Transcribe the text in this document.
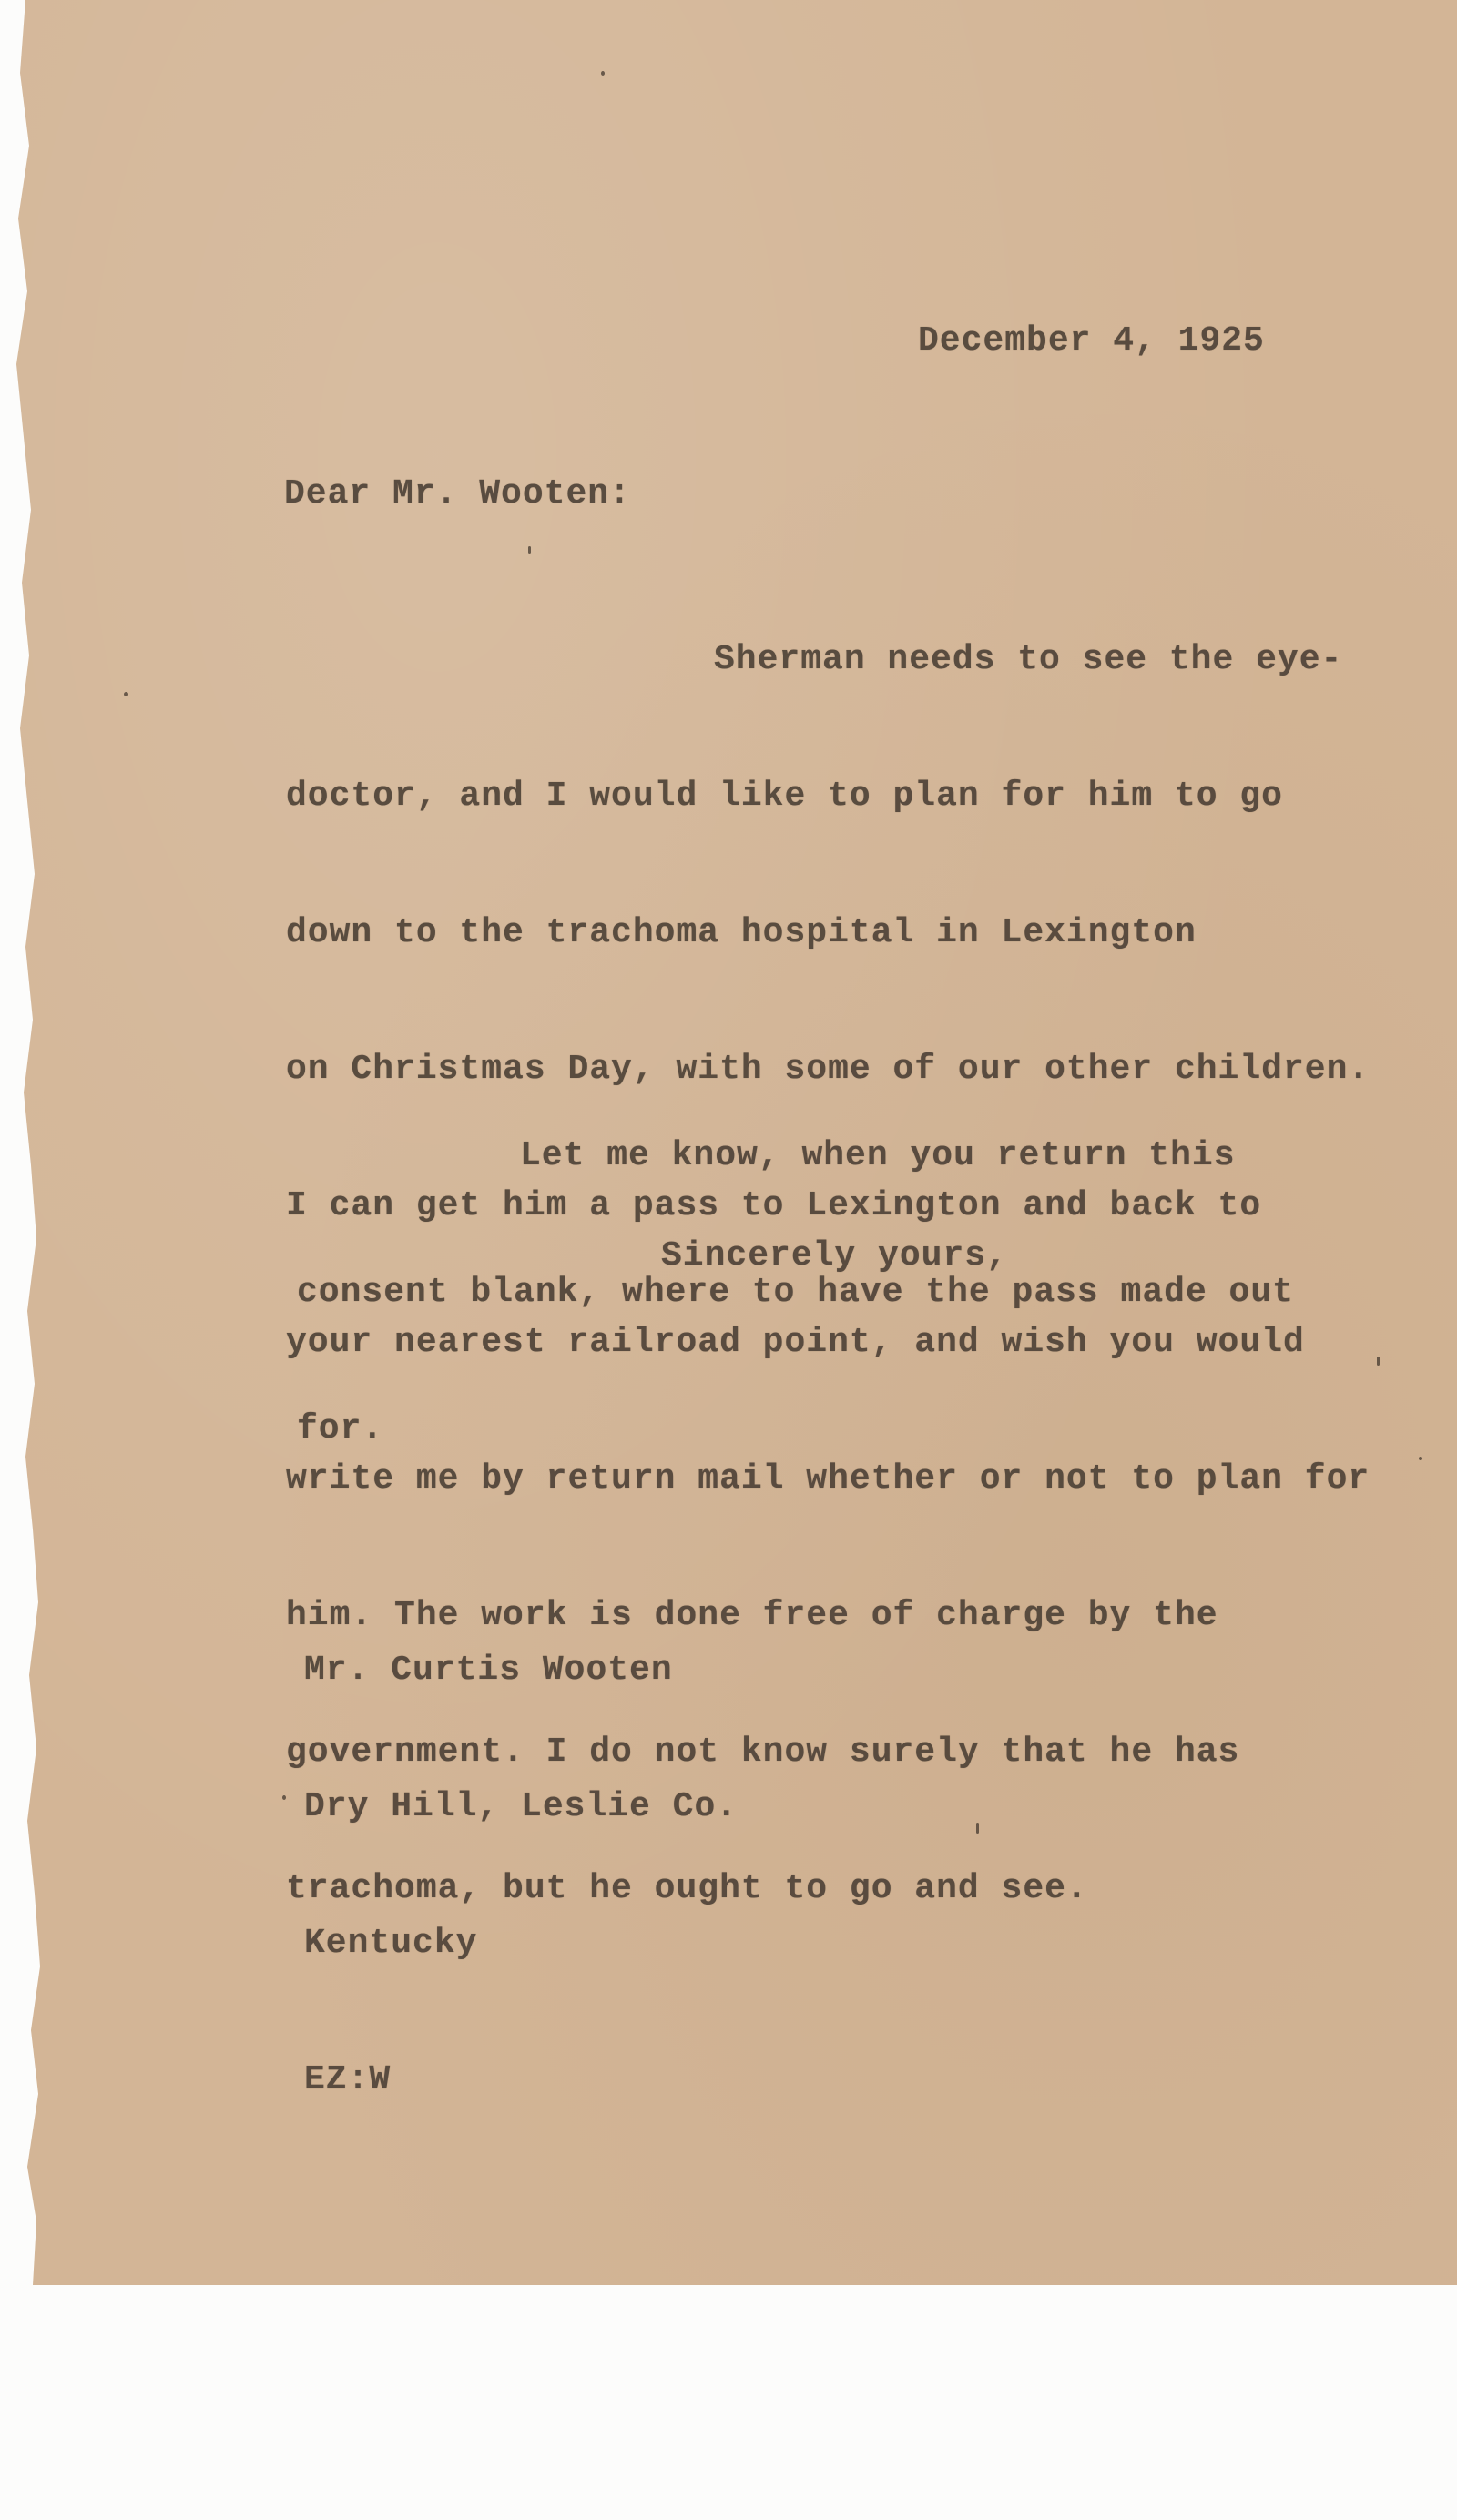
December 4, 1925
Dear Mr. Wooten:

Sherman needs to see the eye-

doctor, and I would like to plan for him to go

down to the trachoma hospital in Lexington

on Christmas Day, with some of our other children.

I can get him a pass to Lexington and back to

your nearest railroad point, and wish you would

write me by return mail whether or not to plan for

him. The work is done free of charge by the

government. I do not know surely that he has

trachoma, but he ought to go and see.

Let me know, when you return this

consent blank, where to have the pass made out

for.

Sincerely yours,

Mr. Curtis Wooten

Dry Hill, Leslie Co.

Kentucky

EZ:W
